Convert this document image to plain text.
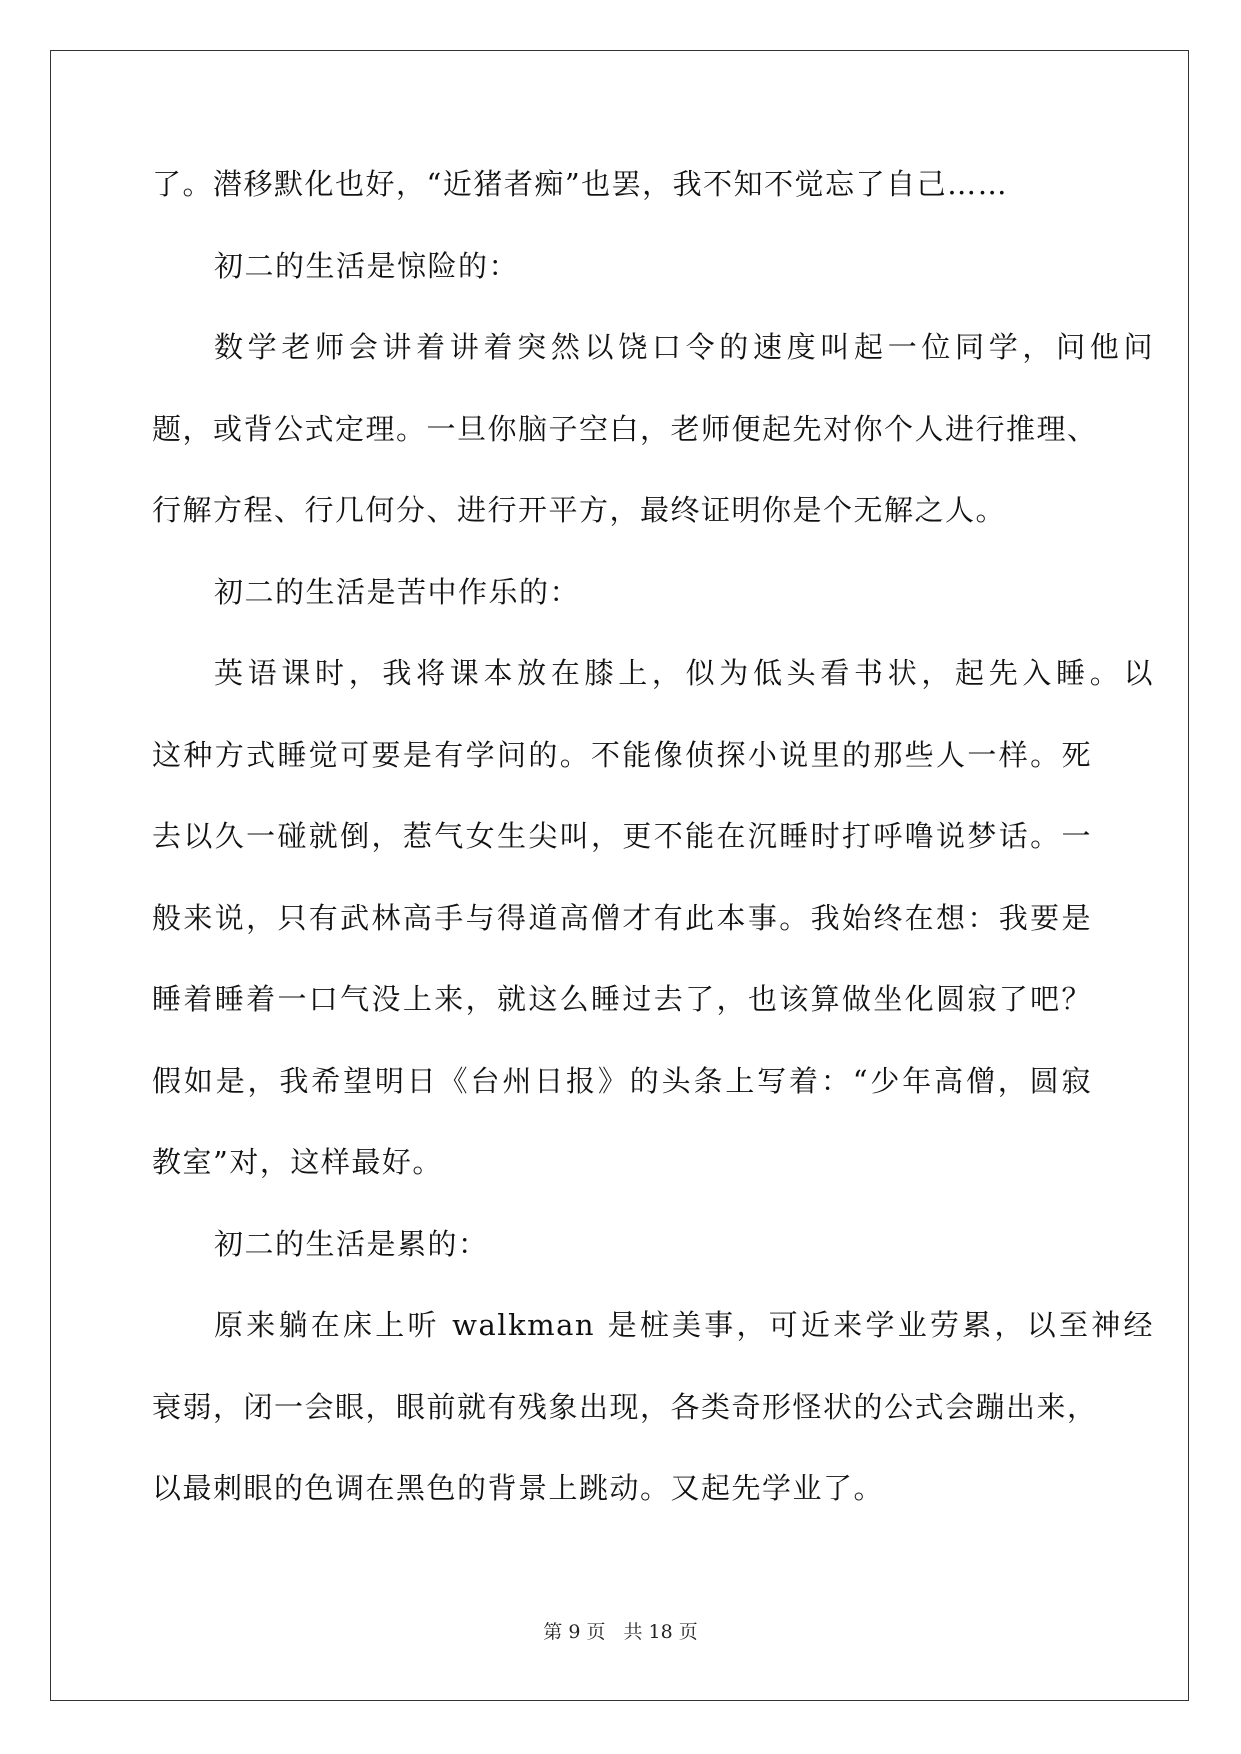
了。潜移默化也好，“近猪者痴”也罢，我不知不觉忘了自己……
初二的生活是惊险的：
数学老师会讲着讲着突然以饶口令的速度叫起一位同学，问他问
题，或背公式定理。一旦你脑子空白，老师便起先对你个人进行推理、
行解方程、行几何分、进行开平方，最终证明你是个无解之人。
初二的生活是苦中作乐的：
英语课时，我将课本放在膝上，似为低头看书状，起先入睡。以
这种方式睡觉可要是有学问的。不能像侦探小说里的那些人一样。死
去以久一碰就倒，惹气女生尖叫，更不能在沉睡时打呼噜说梦话。一
般来说，只有武林高手与得道高僧才有此本事。我始终在想：我要是
睡着睡着一口气没上来，就这么睡过去了，也该算做坐化圆寂了吧？
假如是，我希望明日《台州日报》的头条上写着：“少年高僧，圆寂
教室”对，这样最好。
初二的生活是累的：
原来躺在床上听 walkman 是桩美事，可近来学业劳累，以至神经
衰弱，闭一会眼，眼前就有残象出现，各类奇形怪状的公式会蹦出来，
以最刺眼的色调在黑色的背景上跳动。又起先学业了。
第 9 页 共 18 页
